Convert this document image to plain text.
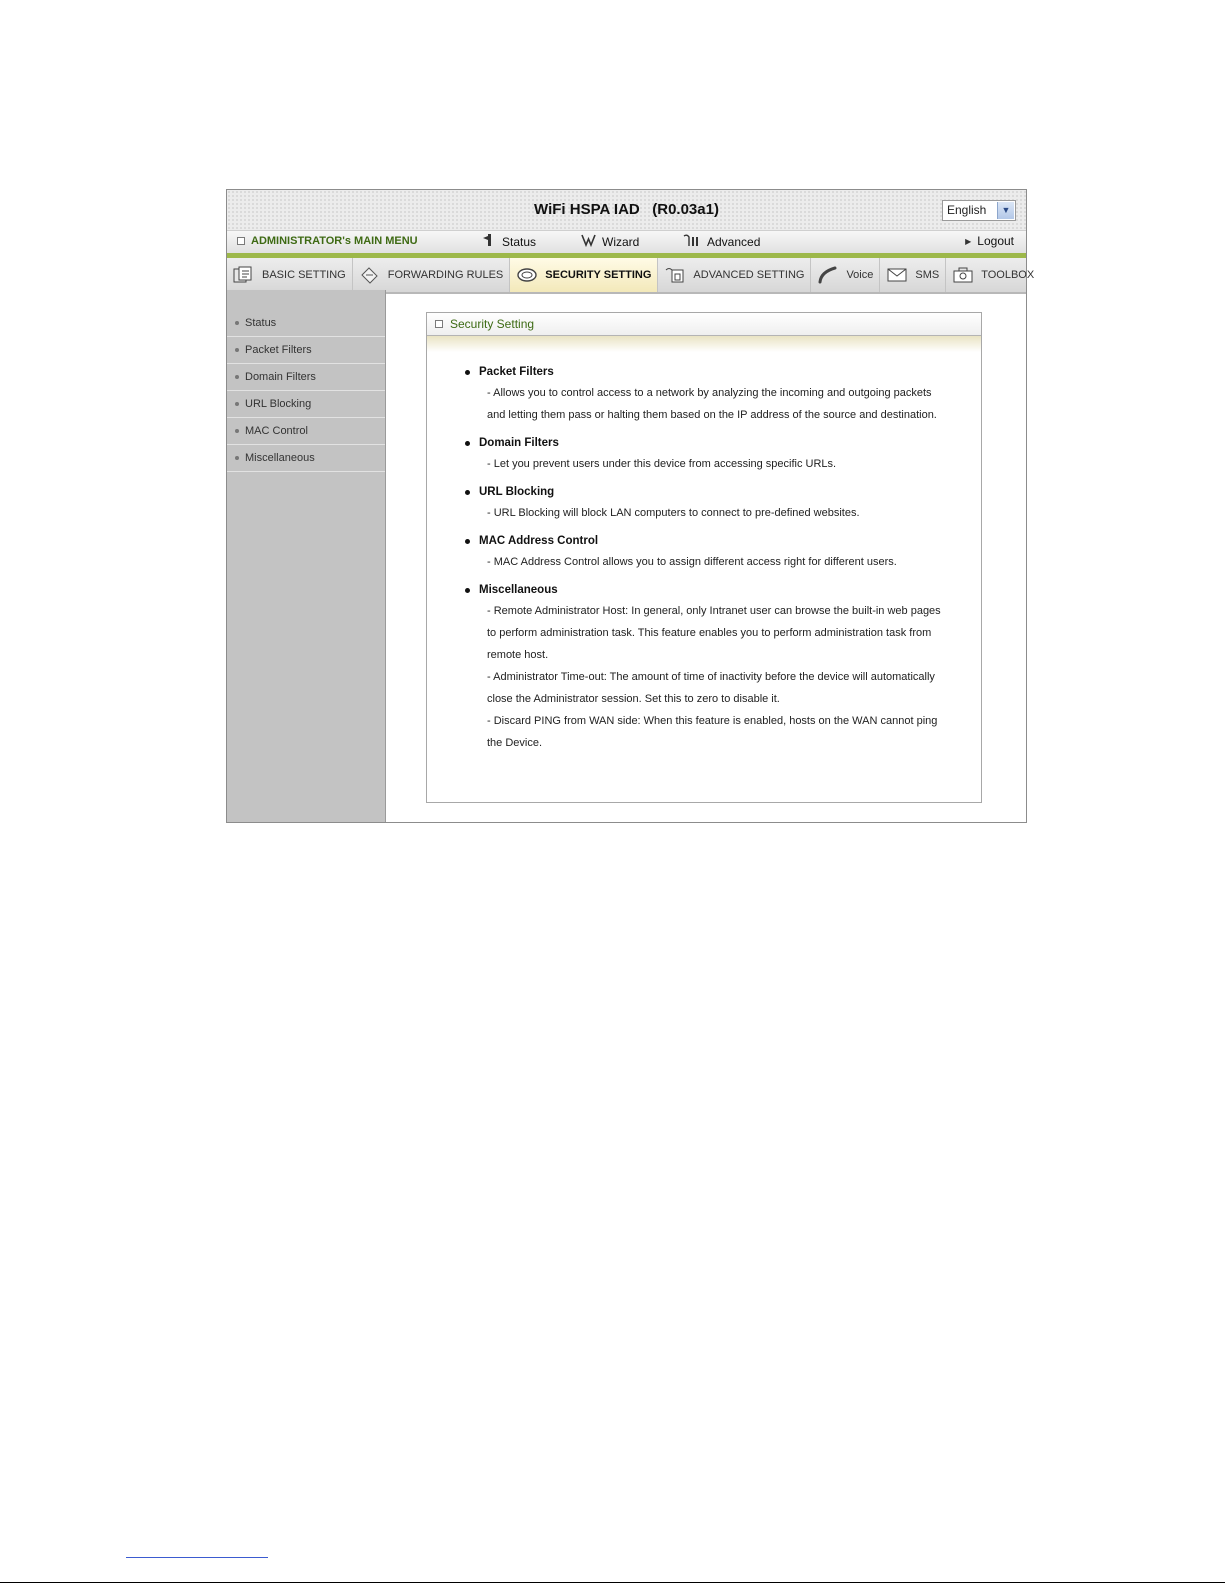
WiFi HSPA IAD   (R0.03a1)	English	▼
ADMINISTRATOR's MAIN MENU	Status	Wizard	Advanced	▶ Logout
BASIC SETTING	FORWARDING RULES	SECURITY SETTING	ADVANCED SETTING	Voice	SMS	TOOLBOX
Status
Packet Filters
Domain Filters
URL Blocking
MAC Control
Miscellaneous
Security Setting
Packet Filters
- Allows you to control access to a network by analyzing the incoming and outgoing packets
and letting them pass or halting them based on the IP address of the source and destination.
Domain Filters
- Let you prevent users under this device from accessing specific URLs.
URL Blocking
- URL Blocking will block LAN computers to connect to pre-defined websites.
MAC Address Control
- MAC Address Control allows you to assign different access right for different users.
Miscellaneous
- Remote Administrator Host: In general, only Intranet user can browse the built-in web pages
to perform administration task. This feature enables you to perform administration task from
remote host.
- Administrator Time-out: The amount of time of inactivity before the device will automatically
close the Administrator session. Set this to zero to disable it.
- Discard PING from WAN side: When this feature is enabled, hosts on the WAN cannot ping
the Device.
